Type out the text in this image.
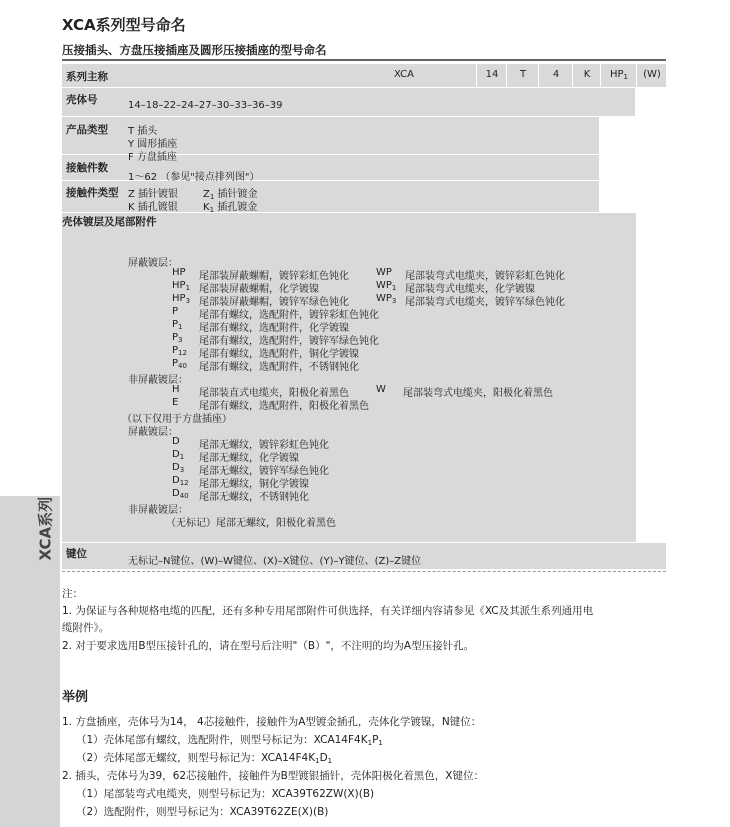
XCA系列型号命名
压接插头、方盘压接插座及圆形压接插座的型号命名
系列主称	XCA	14	T	4	K	$HP_1$	(W)
壳体号	14–18–22–24–27–30–33–36–39
产品类型 T 插头
Y 圆形插座
F 方盘插座
接触件数
1～62 （参见"接点排列图"）
接触件类型 Z 插针镀银 $Z_1$ 插针镀金
K 插孔镀银	$K_1$ 插孔镀金
壳体镀层及尾部附件
屏蔽镀层：
HP 尾部装屏蔽螺帽，镀锌彩虹色钝化	WP 尾部装弯式电缆夹，镀锌彩虹色钝化
$HP_1$ 尾部装屏蔽螺帽，化学镀镍	$WP_1$ 尾部装弯式电缆夹，化学镀镍
$HP_3$ 尾部装屏蔽螺帽，镀锌军绿色钝化	$WP_3$ 尾部装弯式电缆夹，镀锌军绿色钝化
P 尾部有螺纹，选配附件，镀锌彩虹色钝化
$P_1$ 尾部有螺纹，选配附件，化学镀镍
$P_3$ 尾部有螺纹，选配附件，镀锌军绿色钝化
$P_{12}$ 尾部有螺纹，选配附件，铜化学镀镍
$P_{40}$ 尾部有螺纹，选配附件，不锈钢钝化
非屏蔽镀层：
H 尾部装直式电缆夹，阳极化着黑色	W 尾部装弯式电缆夹，阳极化着黑色
E 尾部有螺纹，选配附件，阳极化着黑色
（以下仅用于方盘插座）
屏蔽镀层：
D 尾部无螺纹，镀锌彩虹色钝化
$D_1$ 尾部无螺纹，化学镀镍
$D_3$ 尾部无螺纹，镀锌军绿色钝化
$D_{12}$ 尾部无螺纹，铜化学镀镍
$D_{40}$ 尾部无螺纹，不锈钢钝化
非屏蔽镀层：
（无标记）尾部无螺纹，阳极化着黑色
键位
无标记–N键位、(W)–W键位、(X)–X键位、(Y)–Y键位、(Z)–Z键位
注：
1. 为保证与各种规格电缆的匹配，还有多种专用尾部附件可供选择，有关详细内容请参见《XC及其派生系列通用电
缆附件》。
2. 对于要求选用B型压接针孔的，请在型号后注明"（B）"，不注明的均为A型压接针孔。
举例
1. 方盘插座，壳体号为14， 4芯接触件，接触件为A型镀金插孔，壳体化学镀镍，N键位：
（1）壳体尾部有螺纹，选配附件，则型号标记为：$XCA14F4K_1P_1$
（2）壳体尾部无螺纹，则型号标记为：$XCA14F4K_1D_1$
2. 插头，壳体号为39，62芯接触件，接触件为B型镀银插针，壳体阳极化着黑色，X键位：
（1）尾部装弯式电缆夹，则型号标记为：XCA39T62ZW(X)(B)
（2）选配附件，则型号标记为：XCA39T62ZE(X)(B)
